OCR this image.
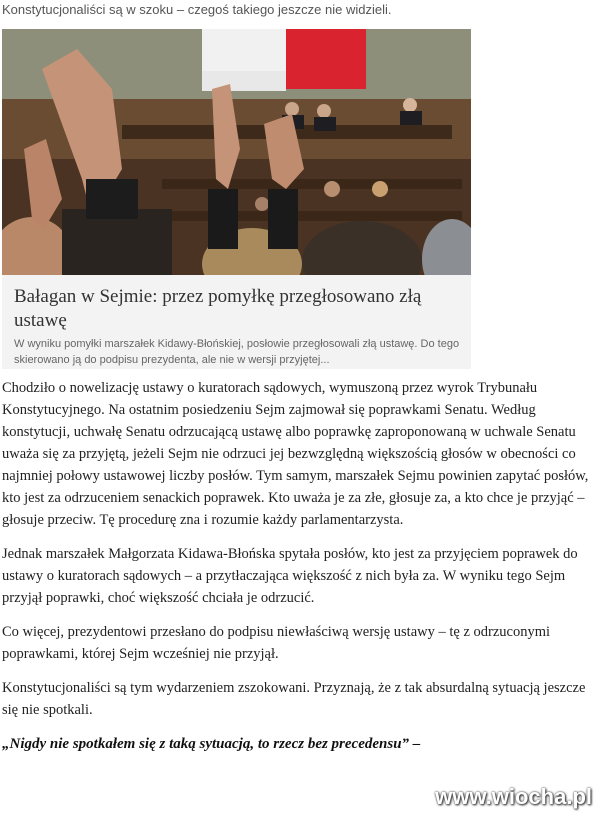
Konstytucjonaliści są w szoku – czegoś takiego jeszcze nie widzieli.
Bałagan w Sejmie: przez pomyłkę przegłosowano złą ustawę
W wyniku pomyłki marszałek Kidawy-Błońskiej, posłowie przegłosowali złą ustawę. Do tego skierowano ją do podpisu prezydenta, ale nie w wersji przyjętej...

Chodziło o nowelizację ustawy o kuratorach sądowych, wymuszoną przez wyrok Trybunału Konstytucyjnego. Na ostatnim posiedzeniu Sejm zajmował się poprawkami Senatu. Według konstytucji, uchwałę Senatu odrzucającą ustawę albo poprawkę zaproponowaną w uchwale Senatu uważa się za przyjętą, jeżeli Sejm nie odrzuci jej bezwzględną większością głosów w obecności co najmniej połowy ustawowej liczby posłów. Tym samym, marszałek Sejmu powinien zapytać posłów, kto jest za odrzuceniem senackich poprawek. Kto uważa je za złe, głosuje za, a kto chce je przyjąć – głosuje przeciw. Tę procedurę zna i rozumie każdy parlamentarzysta.

Jednak marszałek Małgorzata Kidawa-Błońska spytała posłów, kto jest za przyjęciem poprawek do ustawy o kuratorach sądowych – a przytłaczająca większość z nich była za. W wyniku tego Sejm przyjął poprawki, choć większość chciała je odrzucić.

Co więcej, prezydentowi przesłano do podpisu niewłaściwą wersję ustawy – tę z odrzuconymi poprawkami, której Sejm wcześniej nie przyjął.

Konstytucjonaliści są tym wydarzeniem zszokowani. Przyznają, że z tak absurdalną sytuacją jeszcze się nie spotkali.

„Nigdy nie spotkałem się z taką sytuacją, to rzecz bez precedensu” –

www.wiocha.pl
